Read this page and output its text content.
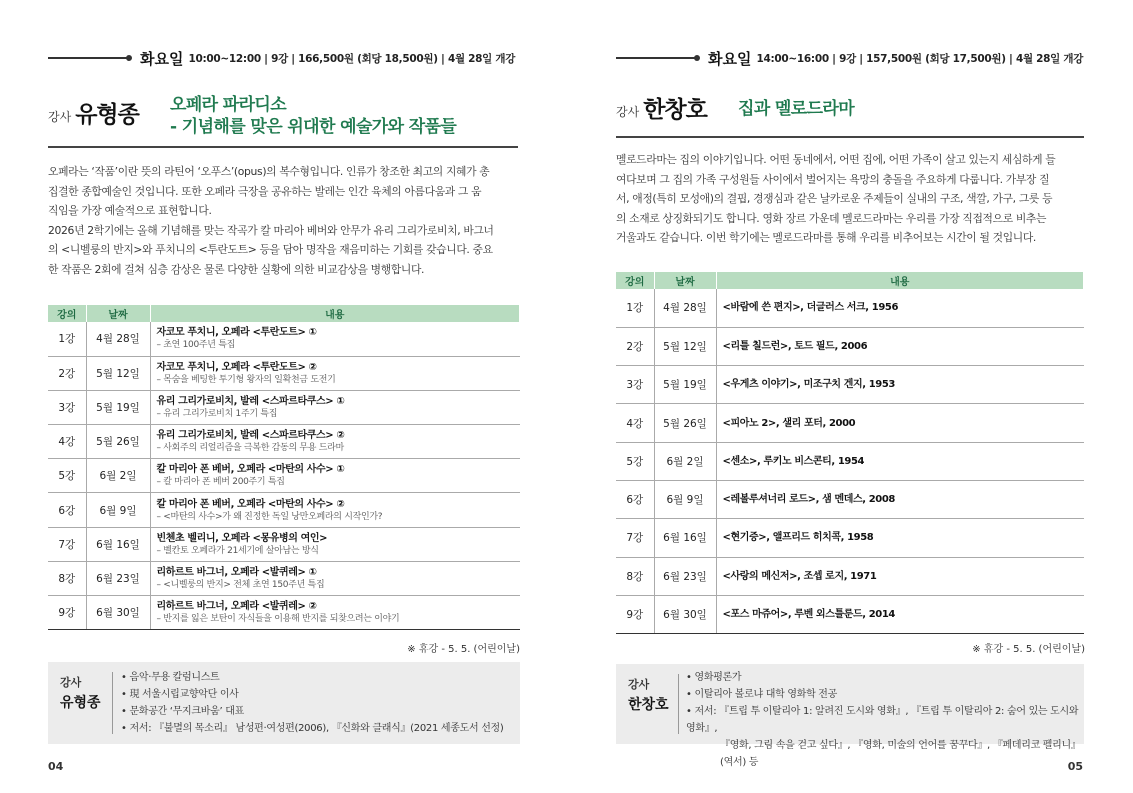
화요일 10:00~12:00 | 9강 | 166,500원 (회당 18,500원) | 4월 28일 개강
강사 유형종 오페라 파라디소
- 기념해를 맞은 위대한 예술가와 작품들
오페라는 ‘작품’이란 뜻의 라틴어 ‘오푸스’(opus)의 복수형입니다. 인류가 창조한 최고의 지혜가 총
집결한 종합예술인 것입니다. 또한 오페라 극장을 공유하는 발레는 인간 육체의 아름다움과 그 움
직임을 가장 예술적으로 표현합니다.
2026년 2학기에는 올해 기념해를 맞는 작곡가 칼 마리아 베버와 안무가 유리 그리가로비치, 바그너
의 <니벨룽의 반지>와 푸치니의 <투란도트> 등을 담아 명작을 재음미하는 기회를 갖습니다. 중요
한 작품은 2회에 걸쳐 심층 감상은 물론 다양한 실황에 의한 비교감상을 병행합니다.
강의	날짜	내용
1강	4월 28일	자코모 푸치니, 오페라 <투란도트> ①
– 초연 100주년 특집

2강	5월 12일	자코모 푸치니, 오페라 <투란도트> ②
– 목숨을 베팅한 투기형 왕자의 일확천금 도전기

3강	5월 19일	유리 그리가로비치, 발레 <스파르타쿠스> ①
– 유리 그리가로비치 1주기 특집

4강	5월 26일	유리 그리가로비치, 발레 <스파르타쿠스> ②
– 사회주의 리얼리즘을 극복한 감동의 무용 드라마

5강	6월 2일	칼 마리아 폰 베버, 오페라 <마탄의 사수> ①
– 칼 마리아 폰 베버 200주기 특집

6강	6월 9일	칼 마리아 폰 베버, 오페라 <마탄의 사수> ②
– <마탄의 사수>가 왜 진정한 독일 낭만오페라의 시작인가?

7강	6월 16일	빈첸초 벨리니, 오페라 <몽유병의 여인>
– 벨칸토 오페라가 21세기에 살아남는 방식

8강	6월 23일	리하르트 바그너, 오페라 <발퀴레> ①
– <니벨룽의 반지> 전체 초연 150주년 특집

9강	6월 30일	리하르트 바그너, 오페라 <발퀴레> ②
– 반지를 잃은 보탄이 자식들을 이용해 반지를 되찾으려는 이야기
※ 휴강 - 5. 5. (어린이날)
강사
유형종
• 음악·무용 칼럼니스트
• 現 서울시립교향악단 이사
• 문화공간 ‘무지크바움’ 대표
• 저서: 『불멸의 목소리』 남성편·여성편(2006), 『신화와 클래식』(2021 세종도서 선정)
04
화요일 14:00~16:00 | 9강 | 157,500원 (회당 17,500원) | 4월 28일 개강
강사 한창호 집과 멜로드라마
멜로드라마는 집의 이야기입니다. 어떤 동네에서, 어떤 집에, 어떤 가족이 살고 있는지 세심하게 들
여다보며 그 집의 가족 구성원들 사이에서 벌어지는 욕망의 충돌을 주요하게 다룹니다. 가부장 질
서, 애정(특히 모성애)의 결핍, 경쟁심과 같은 날카로운 주제들이 실내의 구조, 색깔, 가구, 그릇 등
의 소재로 상징화되기도 합니다. 영화 장르 가운데 멜로드라마는 우리를 가장 직접적으로 비추는
거울과도 같습니다. 이번 학기에는 멜로드라마를 통해 우리를 비추어보는 시간이 될 것입니다.
강의	날짜	내용
1강	4월 28일	<바람에 쓴 편지>, 더글러스 서크, 1956

2강	5월 12일	<리틀 칠드런>, 토드 필드, 2006

3강	5월 19일	<우게츠 이야기>, 미조구치 겐지, 1953

4강	5월 26일	<피아노 2>, 샐리 포터, 2000

5강	6월 2일	<센소>, 루키노 비스콘티, 1954

6강	6월 9일	<레볼루셔너리 로드>, 샘 멘데스, 2008

7강	6월 16일	<현기증>, 앨프리드 히치콕, 1958

8강	6월 23일	<사랑의 메신저>, 조셉 로지, 1971

9강	6월 30일	<포스 마쥬어>, 루벤 외스틀룬드, 2014
※ 휴강 - 5. 5. (어린이날)
강사
한창호
• 영화평론가
• 이탈리아 볼로냐 대학 영화학 전공
• 저서: 『트립 투 이탈리아 1: 알려진 도시와 영화』, 『트립 투 이탈리아 2: 숨어 있는 도시와 영화』,
『영화, 그림 속을 걷고 싶다』, 『영화, 미술의 언어를 꿈꾸다』, 『페데리코 펠리니』(역서) 등	05
